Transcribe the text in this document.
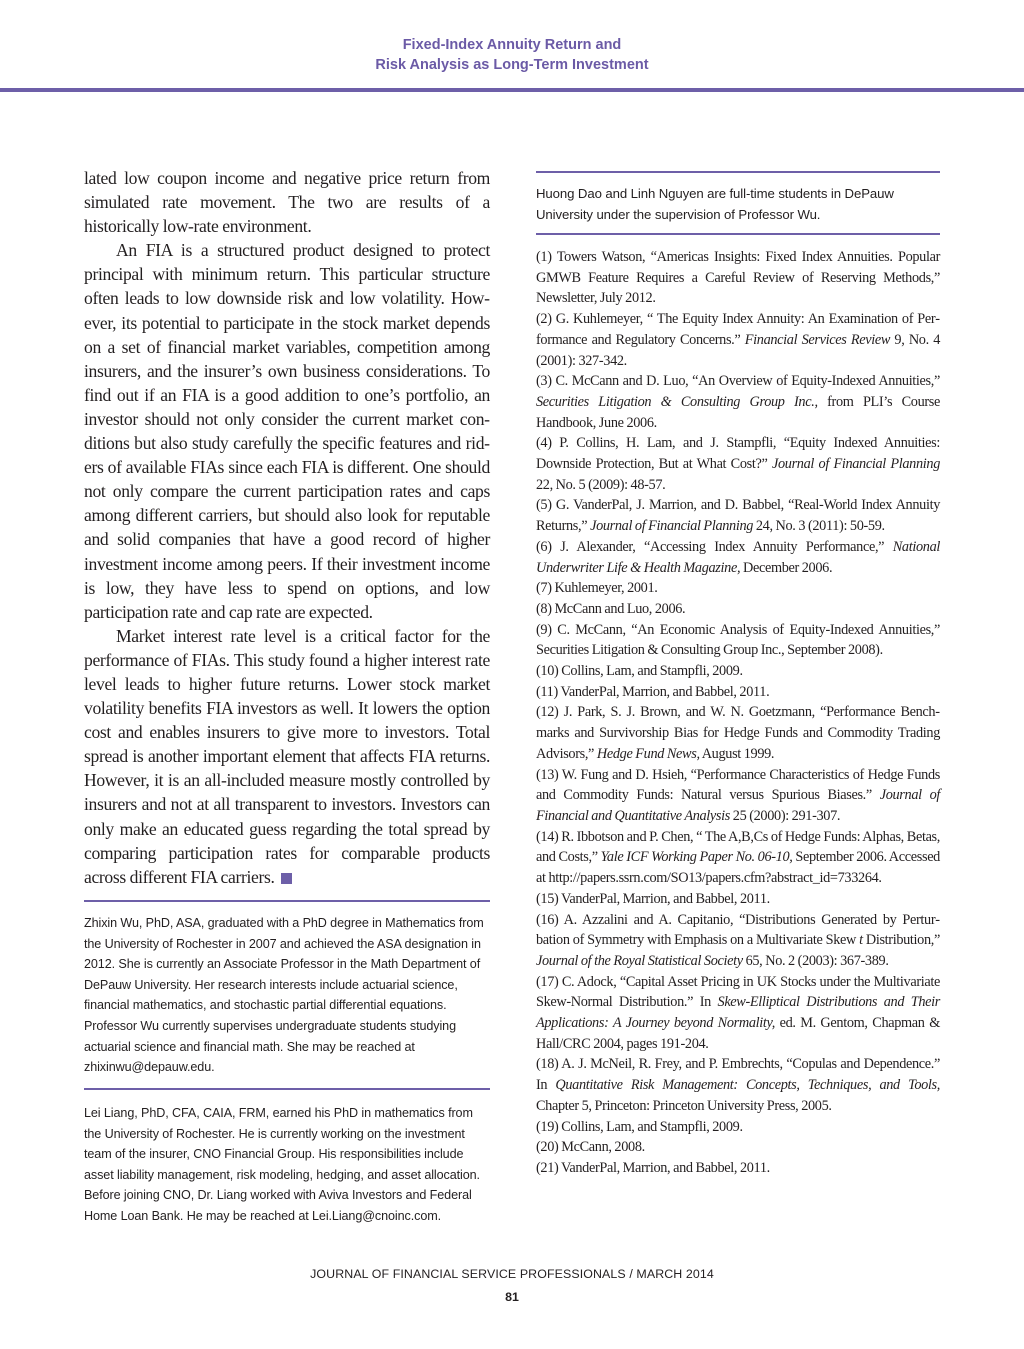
Fixed-Index Annuity Return and
Risk Analysis as Long-Term Investment

lated low coupon income and negative price return from simulated rate movement. The two are results of a historically low-rate environment.

An FIA is a structured product designed to protect principal with minimum return. This particular structure often leads to low downside risk and low volatility. However, its potential to participate in the stock market depends on a set of financial market variables, competition among insurers, and the insurer’s own business considerations. To find out if an FIA is a good addition to one’s portfolio, an investor should not only consider the current market conditions but also study carefully the specific features and riders of available FIAs since each FIA is different. One should not only compare the current participation rates and caps among different carriers, but should also look for reputable and solid companies that have a good record of higher investment income among peers. If their investment income is low, they have less to spend on options, and low participation rate and cap rate are expected.

Market interest rate level is a critical factor for the performance of FIAs. This study found a higher interest rate level leads to higher future returns. Lower stock market volatility benefits FIA investors as well. It lowers the option cost and enables insurers to give more to investors. Total spread is another important element that affects FIA returns. However, it is an all-included measure mostly controlled by insurers and not at all transparent to investors. Investors can only make an educated guess regarding the total spread by comparing participation rates for comparable products across different FIA carriers.

Zhixin Wu, PhD, ASA, graduated with a PhD degree in Mathematics from the University of Rochester in 2007 and achieved the ASA designation in 2012. She is currently an Associate Professor in the Math Department of DePauw University. Her research interests include actuarial science, financial mathematics, and stochastic partial differential equations. Professor Wu currently supervises undergraduate students studying actuarial science and financial math. She may be reached at zhixinwu@depauw.edu.

Lei Liang, PhD, CFA, CAIA, FRM, earned his PhD in mathematics from the University of Rochester. He is currently working on the investment team of the insurer, CNO Financial Group. His responsibilities include asset liability management, risk modeling, hedging, and asset allocation. Before joining CNO, Dr. Liang worked with Aviva Investors and Federal Home Loan Bank. He may be reached at Lei.Liang@cnoinc.com.

Huong Dao and Linh Nguyen are full-time students in DePauw University under the supervision of Professor Wu.

(1) Towers Watson, “Americas Insights: Fixed Index Annuities. Popular GMWB Feature Requires a Careful Review of Reserving Methods,” Newsletter, July 2012.
(2) G. Kuhlemeyer, “ The Equity Index Annuity: An Examination of Performance and Regulatory Concerns.” Financial Services Review 9, No. 4 (2001): 327-342.
(3) C. McCann and D. Luo, “An Overview of Equity-Indexed Annuities,” Securities Litigation & Consulting Group Inc., from PLI’s Course Handbook, June 2006.
(4) P. Collins, H. Lam, and J. Stampfli, “Equity Indexed Annuities: Downside Protection, But at What Cost?” Journal of Financial Planning 22, No. 5 (2009): 48-57.
(5) G. VanderPal, J. Marrion, and D. Babbel, “Real-World Index Annuity Returns,” Journal of Financial Planning 24, No. 3 (2011): 50-59.
(6) J. Alexander, “Accessing Index Annuity Performance,” National Underwriter Life & Health Magazine, December 2006.
(7) Kuhlemeyer, 2001.
(8) McCann and Luo, 2006.
(9) C. McCann, “An Economic Analysis of Equity-Indexed Annuities,” Securities Litigation & Consulting Group Inc., September 2008).
(10) Collins, Lam, and Stampfli, 2009.
(11) VanderPal, Marrion, and Babbel, 2011.
(12) J. Park, S. J. Brown, and W. N. Goetzmann, “Performance Benchmarks and Survivorship Bias for Hedge Funds and Commodity Trading Advisors,” Hedge Fund News, August 1999.
(13) W. Fung and D. Hsieh, “Performance Characteristics of Hedge Funds and Commodity Funds: Natural versus Spurious Biases.” Journal of Financial and Quantitative Analysis 25 (2000): 291-307.
(14) R. Ibbotson and P. Chen, “ The A,B,Cs of Hedge Funds: Alphas, Betas, and Costs,” Yale ICF Working Paper No. 06-10, September 2006. Accessed at http://papers.ssrn.com/SO13/papers.cfm?abstract_id=733264.
(15) VanderPal, Marrion, and Babbel, 2011.
(16) A. Azzalini and A. Capitanio, “Distributions Generated by Perturbation of Symmetry with Emphasis on a Multivariate Skew t Distribution,” Journal of the Royal Statistical Society 65, No. 2 (2003): 367-389.
(17) C. Adock, “Capital Asset Pricing in UK Stocks under the Multivariate Skew-Normal Distribution.” In Skew-Elliptical Distributions and Their Applications: A Journey beyond Normality, ed. M. Gentom, Chapman & Hall/CRC 2004, pages 191-204.
(18) A. J. McNeil, R. Frey, and P. Embrechts, “Copulas and Dependence.” In Quantitative Risk Management: Concepts, Techniques, and Tools, Chapter 5, Princeton: Princeton University Press, 2005.
(19) Collins, Lam, and Stampfli, 2009.
(20) McCann, 2008.
(21) VanderPal, Marrion, and Babbel, 2011.
JOURNAL OF FINANCIAL SERVICE PROFESSIONALS / MARCH 2014
81
